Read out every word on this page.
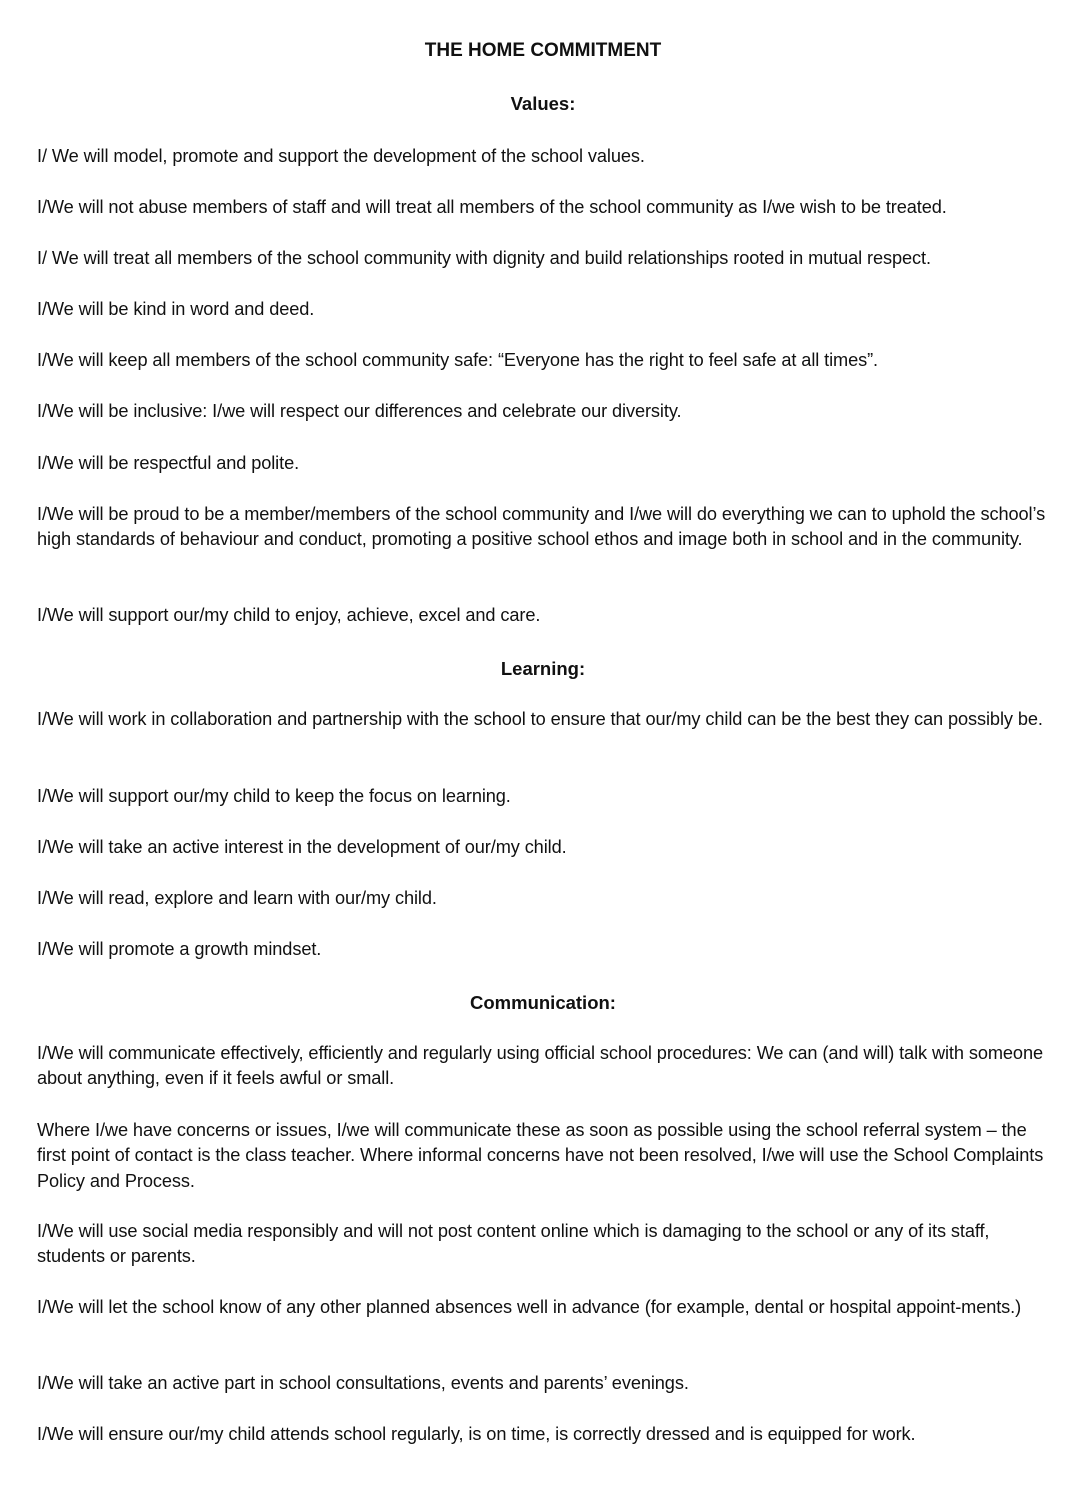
THE HOME COMMITMENT
Values:

I/ We will model, promote and support the development of the school values.

I/We will not abuse members of staff and will treat all members of the school community as I/we wish to be treated.

I/ We will treat all members of the school community with dignity and build relationships rooted in mutual respect.

I/We will be kind in word and deed.

I/We will keep all members of the school community safe: “Everyone has the right to feel safe at all times”.

I/We will be inclusive: I/we will respect our differences and celebrate our diversity.

I/We will be respectful and polite.

I/We will be proud to be a member/members of the school community and I/we will do everything we can to uphold the school’s high standards of behaviour and conduct, promoting a positive school ethos and image both in school and in the community.

I/We will support our/my child to enjoy, achieve, excel and care.

Learning:

I/We will work in collaboration and partnership with the school to ensure that our/my child can be the best they can possibly be.

I/We will support our/my child to keep the focus on learning.

I/We will take an active interest in the development of our/my child.

I/We will read, explore and learn with our/my child.

I/We will promote a growth mindset.

Communication:

I/We will communicate effectively, efficiently and regularly using official school procedures: We can (and will) talk with someone about anything, even if it feels awful or small.

Where I/we have concerns or issues, I/we will communicate these as soon as possible using the school referral system – the first point of contact is the class teacher. Where informal concerns have not been resolved, I/we will use the School Complaints Policy and Process.

I/We will use social media responsibly and will not post content online which is damaging to the school or any of its staff, students or parents.

I/We will let the school know of any other planned absences well in advance (for example, dental or hospital appoint-ments.)

I/We will take an active part in school consultations, events and parents’ evenings.

I/We will ensure our/my child attends school regularly, is on time, is correctly dressed and is equipped for work.
